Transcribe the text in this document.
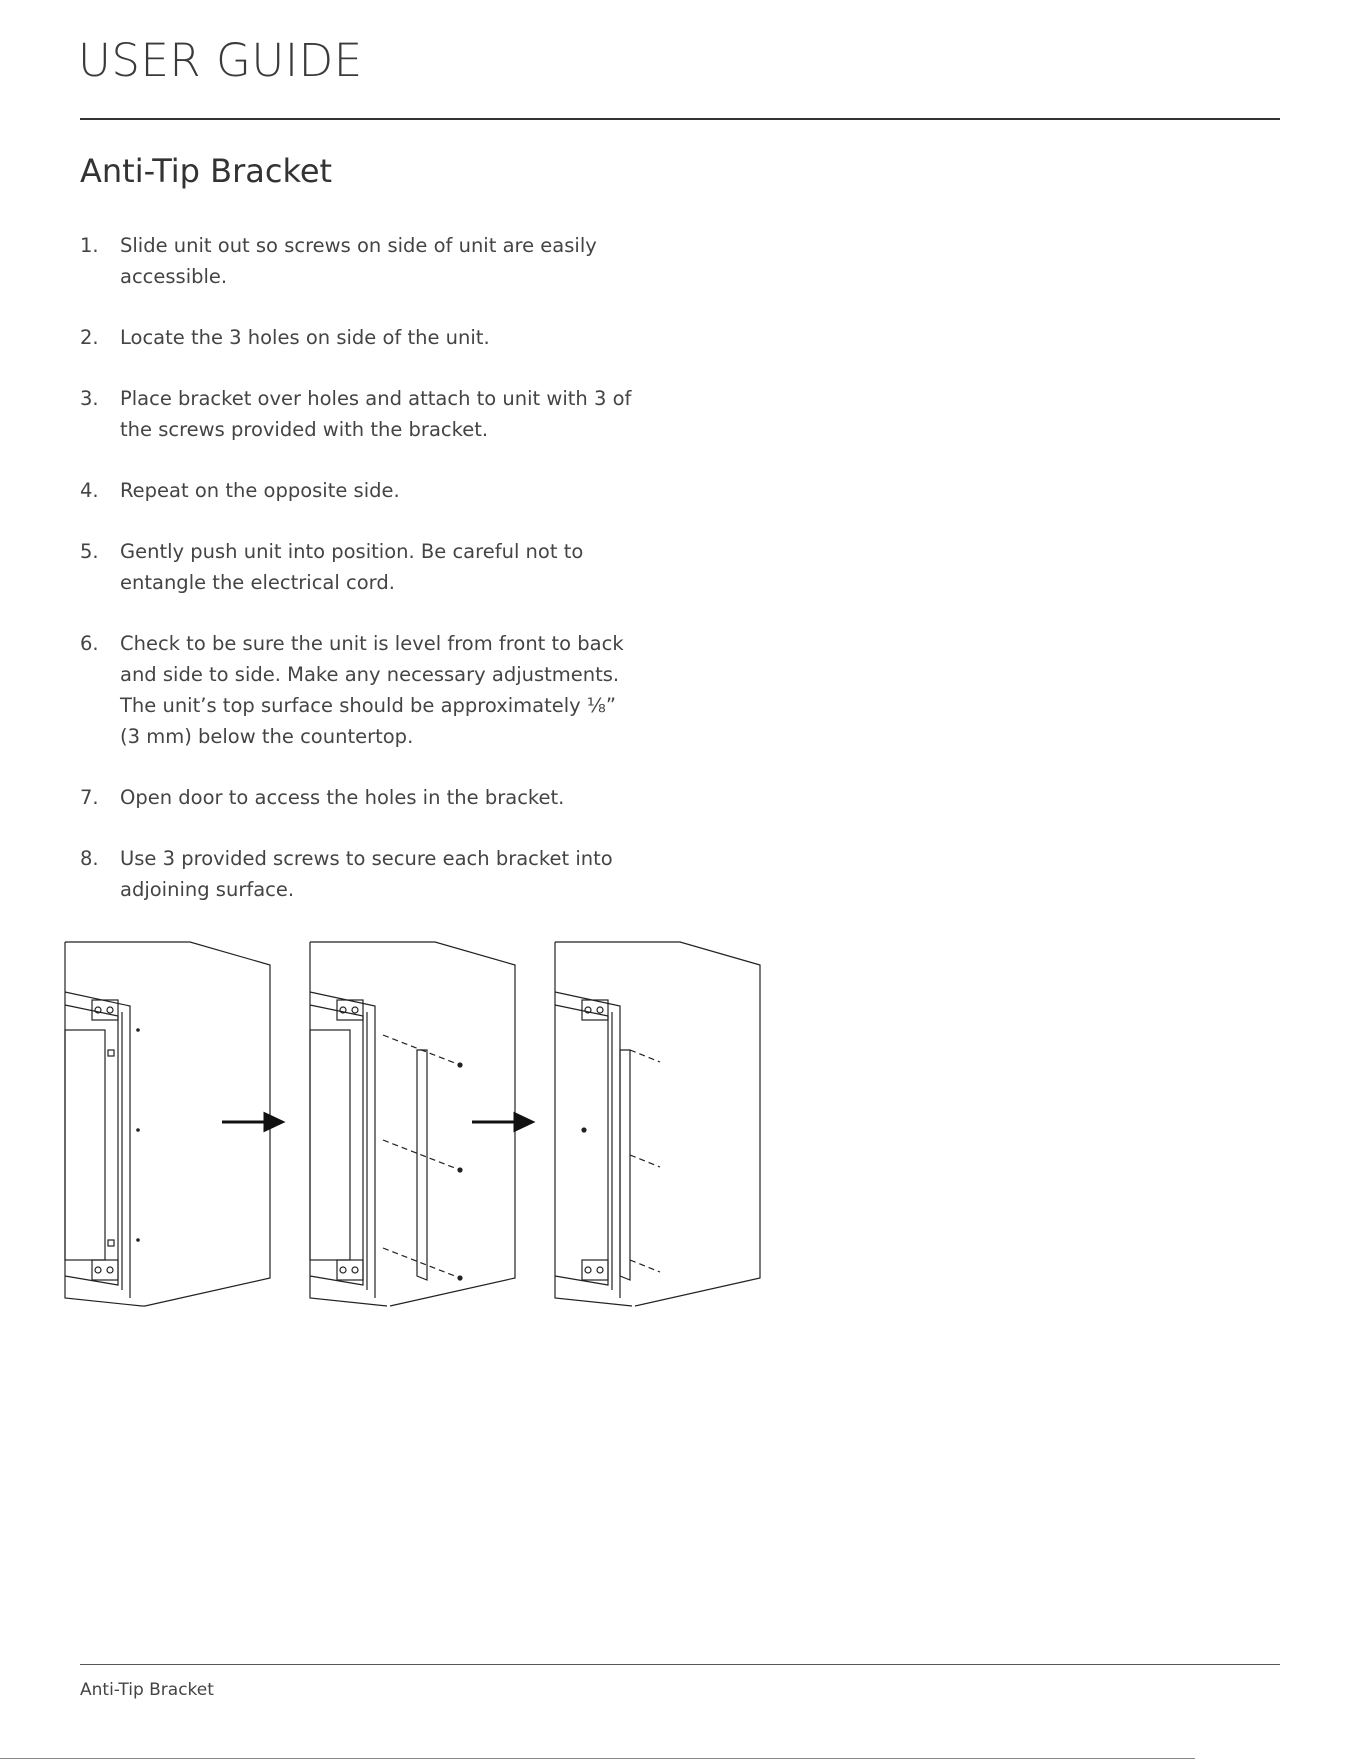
USER GUIDE
Anti-Tip Bracket
1. Slide unit out so screws on side of unit are easily accessible.
2. Locate the 3 holes on side of the unit.
3. Place bracket over holes and attach to unit with 3 of the screws provided with the bracket.
4. Repeat on the opposite side.
5. Gently push unit into position. Be careful not to entangle the electrical cord.
6. Check to be sure the unit is level from front to back and side to side. Make any necessary adjustments. The unit’s top surface should be approximately ⅛” (3 mm) below the countertop.
7. Open door to access the holes in the bracket.
8. Use 3 provided screws to secure each bracket into adjoining surface.
Anti-Tip Bracket
